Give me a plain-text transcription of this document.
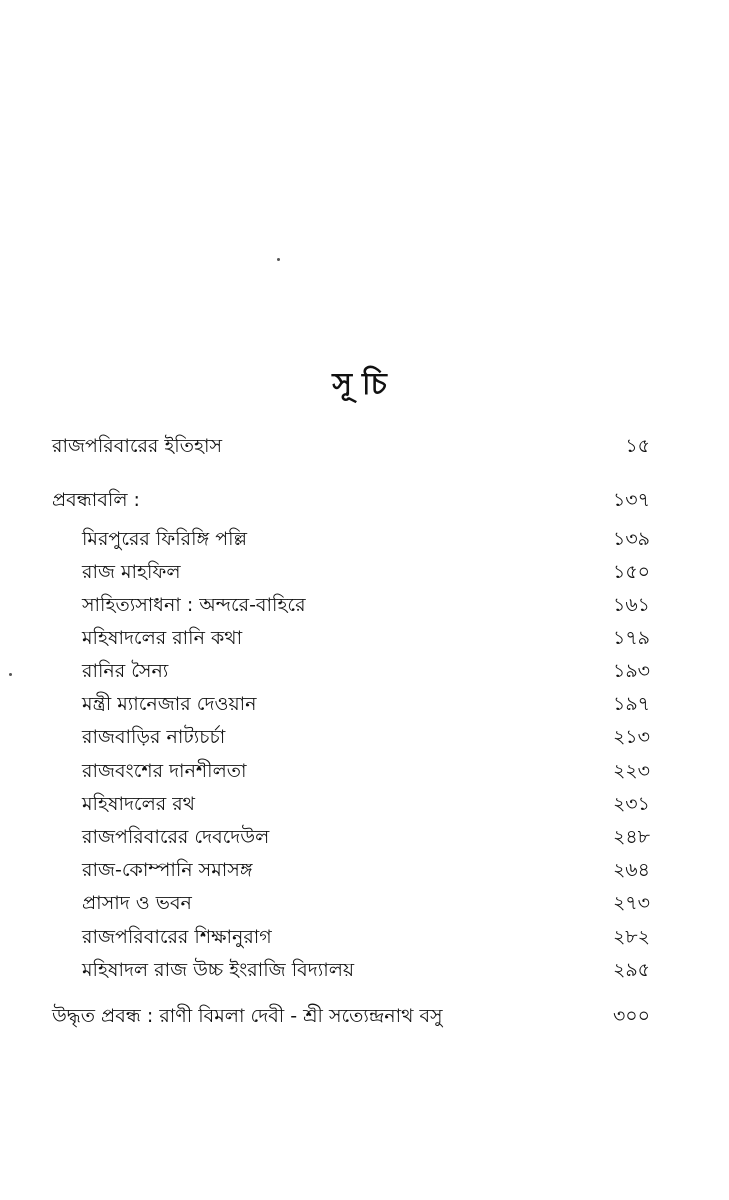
সূচি
রাজপরিবারের ইতিহাস	১৫
প্রবন্ধাবলি :	১৩৭
মিরপুরের ফিরিঙ্গি পল্লি	১৩৯
রাজ মাহফিল	১৫০
সাহিত্যসাধনা : অন্দরে-বাহিরে	১৬১
মহিষাদলের রানি কথা	১৭৯
রানির সৈন্য	১৯৩
মন্ত্রী ম্যানেজার দেওয়ান	১৯৭
রাজবাড়ির নাট্যচর্চা	২১৩
রাজবংশের দানশীলতা	২২৩
মহিষাদলের রথ	২৩১
রাজপরিবারের দেবদেউল	২৪৮
রাজ-কোম্পানি সমাসঙ্গ	২৬৪
প্রাসাদ ও ভবন	২৭৩
রাজপরিবারের শিক্ষানুরাগ	২৮২
মহিষাদল রাজ উচ্চ ইংরাজি বিদ্যালয়	২৯৫
উদ্ধৃত প্রবন্ধ : রাণী বিমলা দেবী - শ্রী সত্যেন্দ্রনাথ বসু	৩০০
